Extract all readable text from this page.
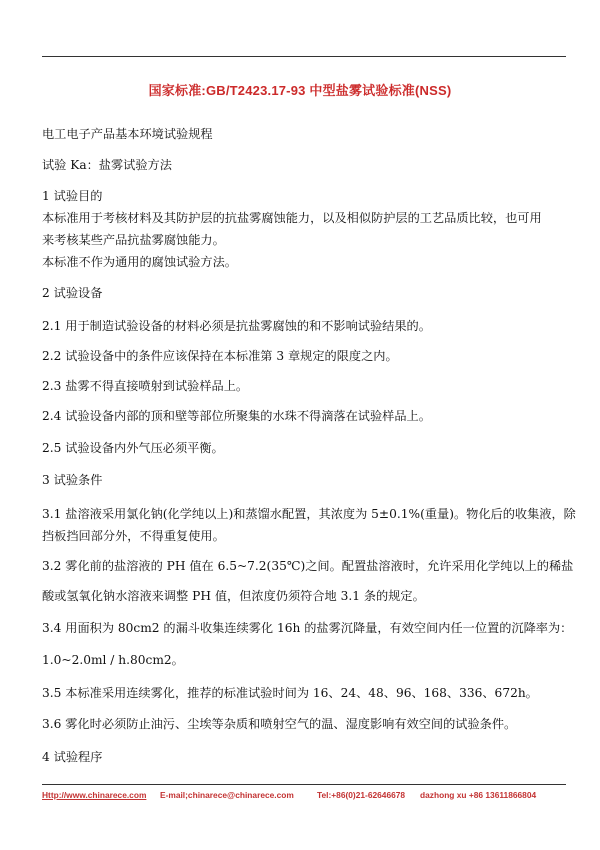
国家标准:GB/T2423.17-93 中型盐雾试验标准(NSS)
电工电子产品基本环境试验规程
试验 Ka：盐雾试验方法
1 试验目的
本标准用于考核材料及其防护层的抗盐雾腐蚀能力，以及相似防护层的工艺品质比较，也可用
来考核某些产品抗盐雾腐蚀能力。
本标准不作为通用的腐蚀试验方法。
2 试验设备
2.1 用于制造试验设备的材料必须是抗盐雾腐蚀的和不影响试验结果的。
2.2 试验设备中的条件应该保持在本标准第 3 章规定的限度之内。
2.3 盐雾不得直接喷射到试验样品上。
2.4 试验设备内部的顶和壁等部位所聚集的水珠不得滴落在试验样品上。
2.5 试验设备内外气压必须平衡。
3 试验条件
3.1 盐溶液采用氯化钠(化学纯以上)和蒸馏水配置，其浓度为 5±0.1%(重量)。物化后的收集液，除
挡板挡回部分外，不得重复使用。
3.2 雾化前的盐溶液的 PH 值在 6.5~7.2(35℃)之间。配置盐溶液时，允许采用化学纯以上的稀盐
酸或氢氧化钠水溶液来调整 PH 值，但浓度仍须符合地 3.1 条的规定。
3.4 用面积为 80cm2 的漏斗收集连续雾化 16h 的盐雾沉降量，有效空间内任一位置的沉降率为：
1.0~2.0ml / h.80cm2。
3.5 本标准采用连续雾化，推荐的标准试验时间为 16、24、48、96、168、336、672h。
3.6 雾化时必须防止油污、尘埃等杂质和喷射空气的温、湿度影响有效空间的试验条件。
4 试验程序
Http://www.chinarece.com E-mail;chinarece@chinarece.com	Tel:+86(0)21-62646678 dazhong xu +86 13611866804
